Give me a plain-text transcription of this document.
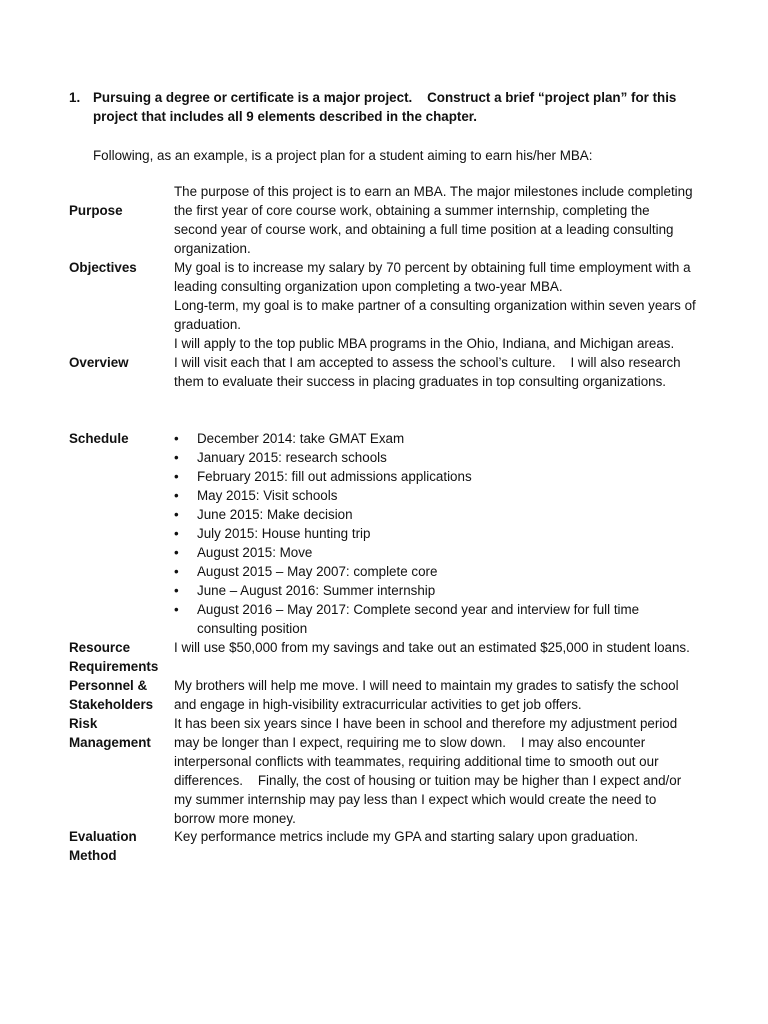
1. Pursuing a degree or certificate is a major project.    Construct a brief “project plan” for this project that includes all 9 elements described in the chapter.
Following, as an example, is a project plan for a student aiming to earn his/her MBA:
Purpose
The purpose of this project is to earn an MBA. The major milestones include completing the first year of core course work, obtaining a summer internship, completing the second year of course work, and obtaining a full time position at a leading consulting organization.
Objectives	My goal is to increase my salary by 70 percent by obtaining full time employment with a leading consulting organization upon completing a two-year MBA.

Long-term, my goal is to make partner of a consulting organization within seven years of graduation.

Overview
I will apply to the top public MBA programs in the Ohio, Indiana, and Michigan areas.      I will visit each that I am accepted to assess the school’s culture.    I will also research them to evaluate their success in placing graduates in top consulting organizations.
Schedule	• December 2014: take GMAT Exam
• January 2015: research schools
• February 2015: fill out admissions applications
• May 2015: Visit schools
• June 2015: Make decision
• July 2015: House hunting trip
• August 2015: Move
• August 2015 – May 2007: complete core
• June – August 2016: Summer internship
• August 2016 – May 2017: Complete second year and interview for full time consulting position
Resource
Requirements
I will use $50,000 from my savings and take out an estimated $25,000 in student loans.
Personnel &
Stakeholders
My brothers will help me move. I will need to maintain my grades to satisfy the school and engage in high-visibility extracurricular activities to get job offers.
Risk
Management
It has been six years since I have been in school and therefore my adjustment period may be longer than I expect, requiring me to slow down.    I may also encounter interpersonal conflicts with teammates, requiring additional time to smooth out our differences.    Finally, the cost of housing or tuition may be higher than I expect and/or my summer internship may pay less than I expect which would create the need to borrow more money.
Evaluation
Method
Key performance metrics include my GPA and starting salary upon graduation.
